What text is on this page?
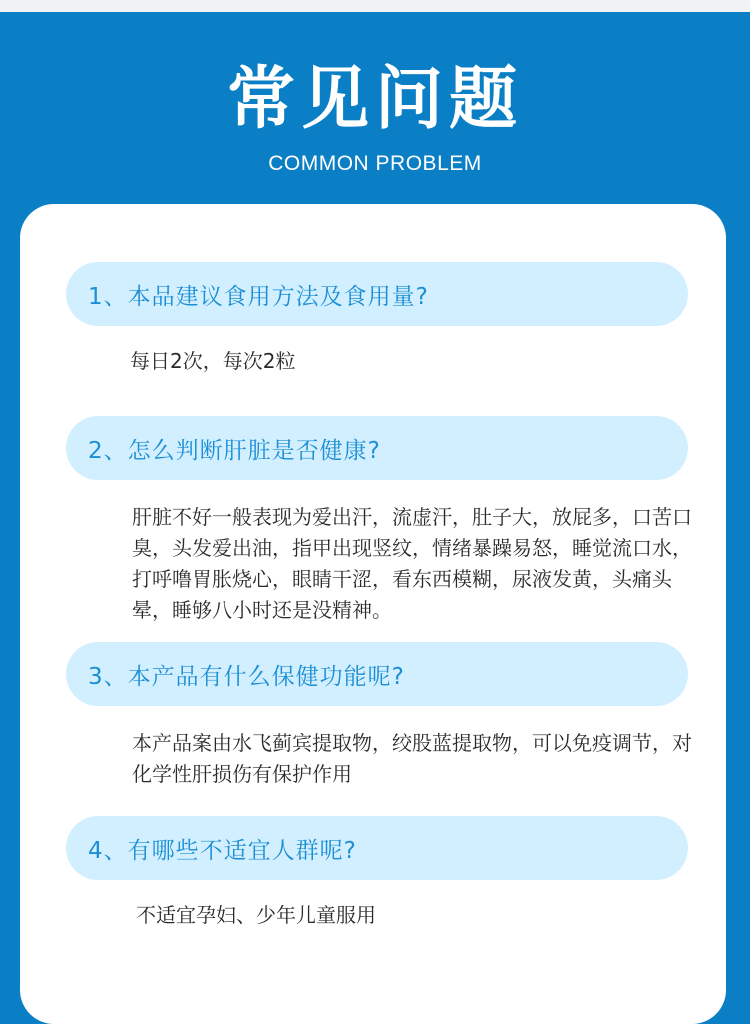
常见问题
COMMON PROBLEM
1、本品建议食用方法及食用量?
每日2次，每次2粒
2、怎么判断肝脏是否健康?
肝脏不好一般表现为爱出汗，流虚汗，肚子大，放屁多，口苦口臭，头发爱出油，指甲出现竖纹，情绪暴躁易怒，睡觉流口水，打呼噜胃胀烧心，眼睛干涩，看东西模糊，尿液发黄，头痛头晕，睡够八小时还是没精神。
3、本产品有什么保健功能呢?
本产品案由水飞蓟宾提取物，绞股蓝提取物，可以免疫调节，对化学性肝损伤有保护作用
4、有哪些不适宜人群呢?
不适宜孕妇、少年儿童服用
